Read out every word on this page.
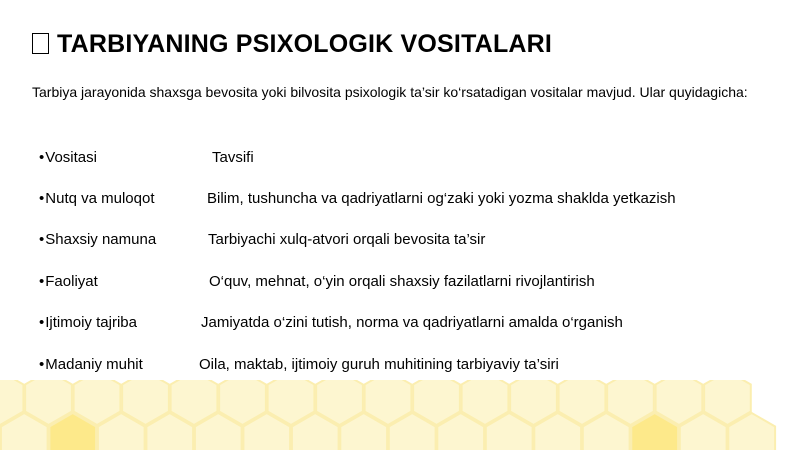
TARBIYANING PSIXOLOGIK VOSITALARI
Tarbiya jarayonida shaxsga bevosita yoki bilvosita psixologik ta’sir ko‘rsatadigan vositalar mavjud. Ular quyidagicha:
•Vositasi	Tavsifi
•Nutq va muloqot	Bilim, tushuncha va qadriyatlarni og‘zaki yoki yozma shaklda yetkazish
•Shaxsiy namuna	Tarbiyachi xulq-atvori orqali bevosita ta’sir
•Faoliyat	O‘quv, mehnat, o‘yin orqali shaxsiy fazilatlarni rivojlantirish
•Ijtimoiy tajriba	Jamiyatda o‘zini tutish, norma va qadriyatlarni amalda o‘rganish
•Madaniy muhit	Oila, maktab, ijtimoiy guruh muhitining tarbiyaviy ta’siri
